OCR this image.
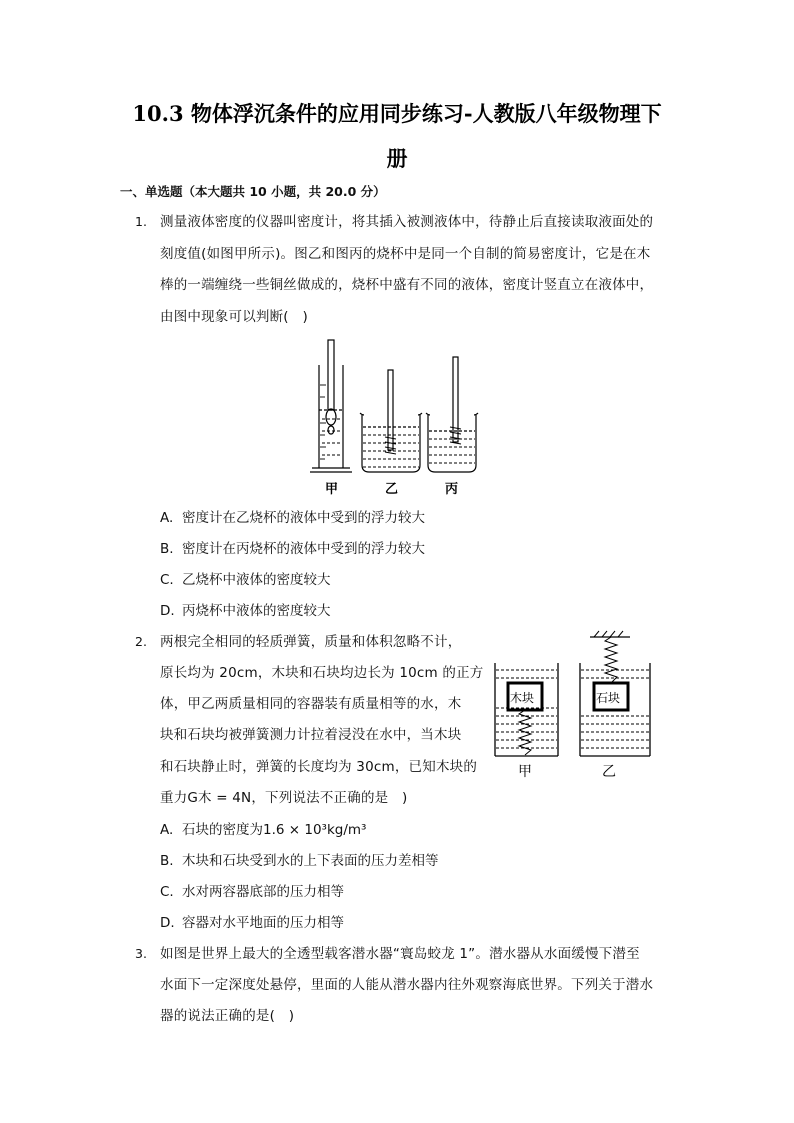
10.3 物体浮沉条件的应用同步练习-人教版八年级物理下
册
一、单选题（本大题共 10 小题，共 20.0 分）
1. 测量液体密度的仪器叫密度计，将其插入被测液体中，待静止后直接读取液面处的
刻度值(如图甲所示)。图乙和图丙的烧杯中是同一个自制的简易密度计，它是在木
棒的一端缠绕一些铜丝做成的，烧杯中盛有不同的液体，密度计竖直立在液体中，
由图中现象可以判断(　)
甲	乙	丙
A. 密度计在乙烧杯的液体中受到的浮力较大
B. 密度计在丙烧杯的液体中受到的浮力较大
C. 乙烧杯中液体的密度较大
D. 丙烧杯中液体的密度较大
2. 两根完全相同的轻质弹簧，质量和体积忽略不计，
原长均为 20cm，木块和石块均边长为 10cm 的正方
体，甲乙两质量相同的容器装有质量相等的水，木
块和石块均被弹簧测力计拉着浸没在水中，当木块
和石块静止时，弹簧的长度均为 30cm，已知木块的
重力G木 = 4N，下列说法不正确的是　)
木块	石块
甲	乙
A. 石块的密度为1.6 × 10³kg/m³
B. 木块和石块受到水的上下表面的压力差相等
C. 水对两容器底部的压力相等
D. 容器对水平地面的压力相等
3. 如图是世界上最大的全透型载客潜水器“寰岛蛟龙 1”。潜水器从水面缓慢下潜至
水面下一定深度处悬停，里面的人能从潜水器内往外观察海底世界。下列关于潜水
器的说法正确的是(　)
